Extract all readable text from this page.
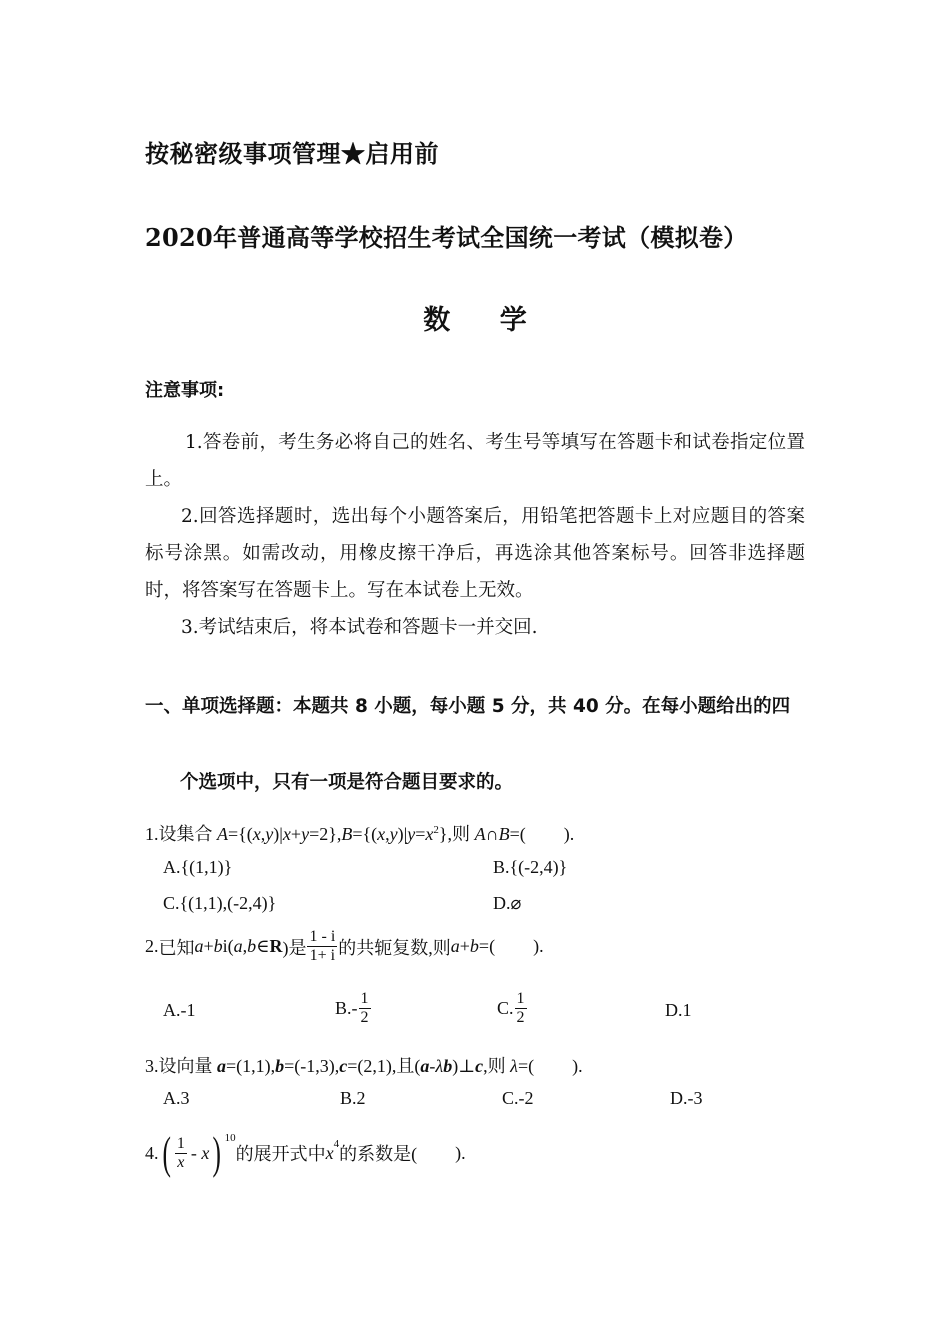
按秘密级事项管理★启用前
2020年普通高等学校招生考试全国统一考试（模拟卷）
数 学
注意事项:

1.答卷前，考生务必将自己的姓名、考生号等填写在答题卡和试卷指定位置上。

2.回答选择题时，选出每个小题答案后，用铅笔把答题卡上对应题目的答案标号涂黑。如需改动，用橡皮擦干净后，再选涂其他答案标号。回答非选择题时，将答案写在答题卡上。写在本试卷上无效。

3.考试结束后，将本试卷和答题卡一并交回.

一、单项选择题：本题共 8 小题，每小题 5 分，共 40 分。在每小题给出的四
个选项中，只有一项是符合题目要求的。
1.设集合 $A=\{(x,y)|x+y=2\},B=\{(x,y)|y=x^2\}$,则 A∩B=( ).
A.{(1,1)}	B.{(-2,4)}
C.{(1,1),(-2,4)}	D.⌀
2. 已知 a + b i( a , b ∈ R )是 $\frac{1 - i}{1+ i}$ 的共轭复数,则 a + b =( ).
A.-1	$B.- \frac{1}{2}$	C. $\frac{1}{2}$	D.1
3.设向量 a=(1,1),b=(-1,3),c=(2,1),且(a-λb)⊥c,则 λ=( ).
A.3	B.2	C.-2	D.-3
4. ( $\frac{1}{x}$ - x ) 10
的展开式中 x 4 的系数是( ).
